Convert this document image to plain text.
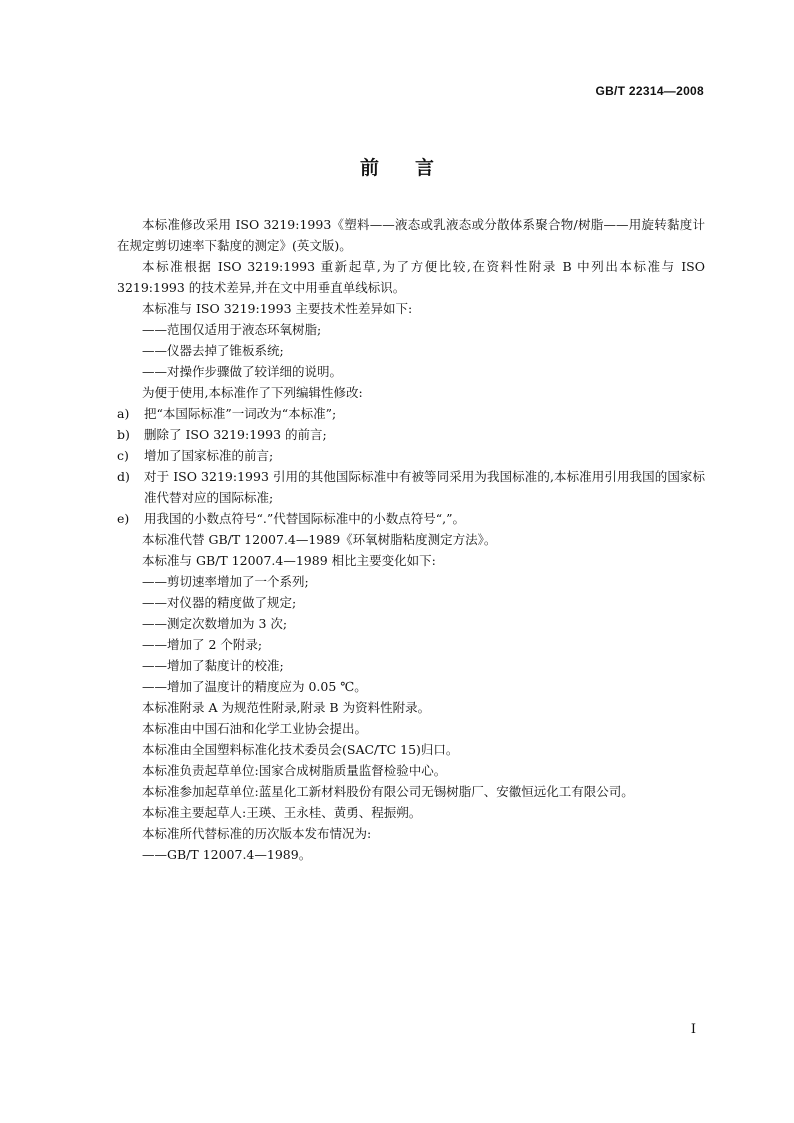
GB/T 22314—2008
前言
本标准修改采用 ISO 3219:1993《塑料——液态或乳液态或分散体系聚合物/树脂——用旋转黏度计在规定剪切速率下黏度的测定》(英文版)。
本标准根据 ISO 3219:1993 重新起草,为了方便比较,在资料性附录 B 中列出本标准与 ISO 3219:1993 的技术差异,并在文中用垂直单线标识。
本标准与 ISO 3219:1993 主要技术性差异如下:
——范围仅适用于液态环氧树脂;
——仪器去掉了锥板系统;
——对操作步骤做了较详细的说明。
为便于使用,本标准作了下列编辑性修改:
a) 把“本国际标准”一词改为“本标准”;
b) 删除了 ISO 3219:1993 的前言;
c) 增加了国家标准的前言;
d) 对于 ISO 3219:1993 引用的其他国际标准中有被等同采用为我国标准的,本标准用引用我国的国家标准代替对应的国际标准;
e) 用我国的小数点符号“.”代替国际标准中的小数点符号“,”。
本标准代替 GB/T 12007.4—1989《环氧树脂粘度测定方法》。
本标准与 GB/T 12007.4—1989 相比主要变化如下:
——剪切速率增加了一个系列;
——对仪器的精度做了规定;
——测定次数增加为 3 次;
——增加了 2 个附录;
——增加了黏度计的校准;
——增加了温度计的精度应为 0.05 ℃。
本标准附录 A 为规范性附录,附录 B 为资料性附录。
本标准由中国石油和化学工业协会提出。
本标准由全国塑料标准化技术委员会(SAC/TC 15)归口。
本标准负责起草单位:国家合成树脂质量监督检验中心。
本标准参加起草单位:蓝星化工新材料股份有限公司无锡树脂厂、安徽恒远化工有限公司。
本标准主要起草人:王瑛、王永桂、黄勇、程振朔。
本标准所代替标准的历次版本发布情况为:
——GB/T 12007.4—1989。
I
